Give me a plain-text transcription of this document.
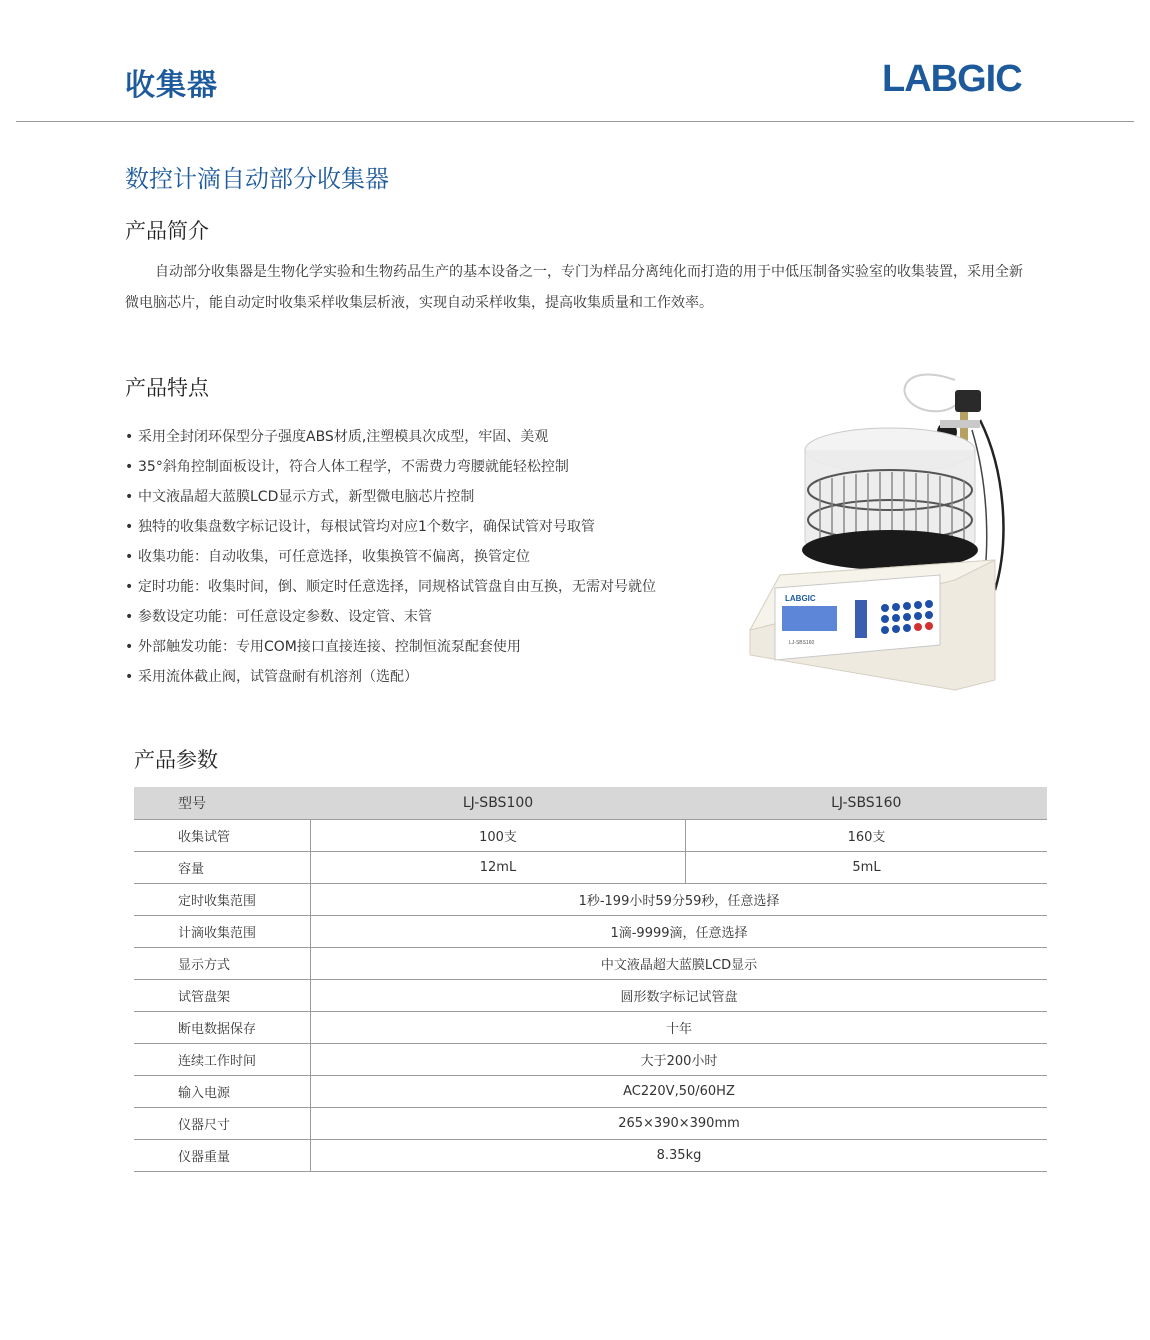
收集器	LABGIC
数控计滴自动部分收集器
产品简介

自动部分收集器是生物化学实验和生物药品生产的基本设备之一，专门为样品分离纯化而打造的用于中低压制备实验室的收集装置，采用全新微电脑芯片，能自动定时收集采样收集层析液，实现自动采样收集，提高收集质量和工作效率。

产品特点
• 采用全封闭环保型分子强度ABS材质,注塑模具次成型，牢固、美观
• 35°斜角控制面板设计，符合人体工程学，不需费力弯腰就能轻松控制
• 中文液晶超大蓝膜LCD显示方式，新型微电脑芯片控制
• 独特的收集盘数字标记设计，每根试管均对应1个数字，确保试管对号取管
• 收集功能：自动收集，可任意选择，收集换管不偏离，换管定位
• 定时功能：收集时间，倒、顺定时任意选择，同规格试管盘自由互换，无需对号就位
• 参数设定功能：可任意设定参数、设定管、末管
• 外部触发功能：专用COM接口直接连接、控制恒流泵配套使用
• 采用流体截止阀，试管盘耐有机溶剂（选配）
LABGIC
LJ-SBS160
产品参数
型号	LJ-SBS100	LJ-SBS160
收集试管	100支	160支
容量	12mL	5mL
定时收集范围	1秒-199小时59分59秒，任意选择	
计滴收集范围	1滴-9999滴，任意选择	
显示方式	中文液晶超大蓝膜LCD显示	
试管盘架	圆形数字标记试管盘	
断电数据保存	十年	
连续工作时间	大于200小时	
输入电源	AC220V,50/60HZ	
仪器尺寸	265×390×390mm	
仪器重量	8.35kg	
